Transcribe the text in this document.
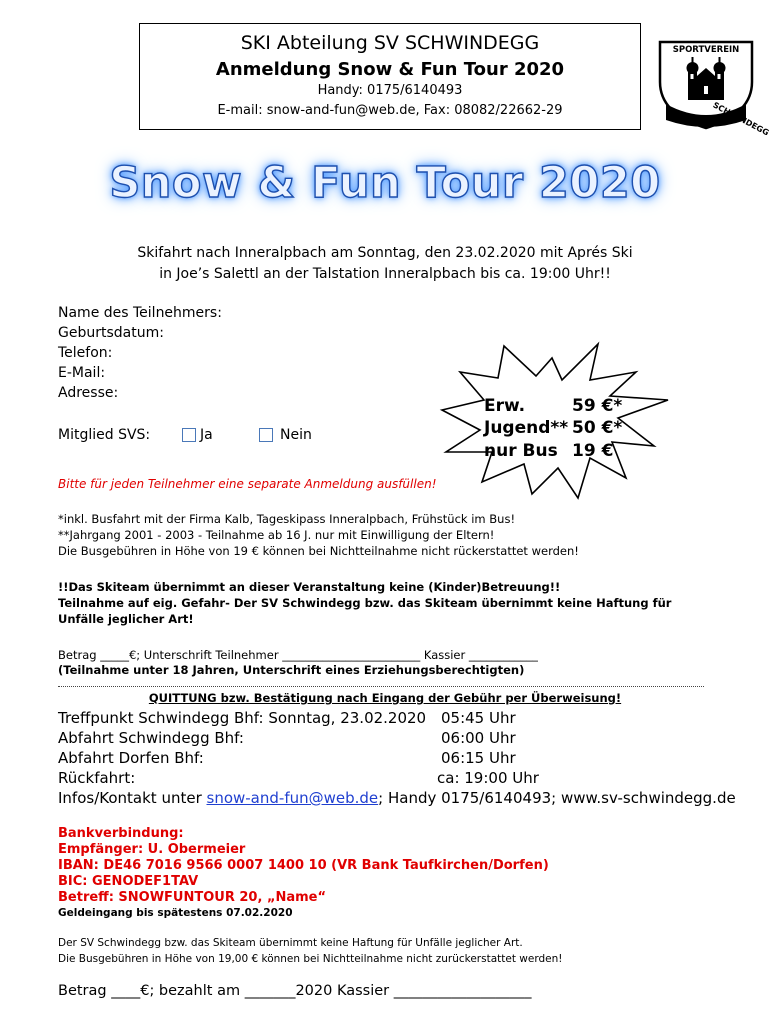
SKI Abteilung SV SCHWINDEGG
Anmeldung Snow & Fun Tour 2020
Handy: 0175/6140493
E-mail: snow-and-fun@web.de, Fax: 08082/22662-29
SPORTVEREIN
SCHWINDEGG
Snow & Fun Tour 2020
Skifahrt nach Inneralpbach am Sonntag, den 23.02.2020 mit Aprés Ski
in Joe’s Salettl an der Talstation Inneralpbach bis ca. 19:00 Uhr!!
Name des Teilnehmers:
Geburtsdatum:
Telefon:
E-Mail:
Adresse:
Mitglied SVS:	Ja	Nein
Erw.	59 €*
Jugend** 50 €*
nur Bus 19 €
Bitte für jeden Teilnehmer eine separate Anmeldung ausfüllen!
*inkl. Busfahrt mit der Firma Kalb, Tageskipass Inneralpbach, Frühstück im Bus!
**Jahrgang 2001 - 2003 - Teilnahme ab 16 J. nur mit Einwilligung der Eltern!
Die Busgebühren in Höhe von 19 € können bei Nichtteilnahme nicht rückerstattet werden!
!!Das Skiteam übernimmt an dieser Veranstaltung keine (Kinder)Betreuung!!
Teilnahme auf eig. Gefahr- Der SV Schwindegg bzw. das Skiteam übernimmt keine Haftung für
Unfälle jeglicher Art!
Betrag _____€; Unterschrift Teilnehmer ________________________ Kassier ____________
(Teilnahme unter 18 Jahren, Unterschrift eines Erziehungsberechtigten)
QUITTUNG bzw. Bestätigung nach Eingang der Gebühr per Überweisung!
Treffpunkt Schwindegg Bhf: Sonntag, 23.02.2020 05:45 Uhr
Abfahrt Schwindegg Bhf:	06:00 Uhr
Abfahrt Dorfen Bhf:	06:15 Uhr
Rückfahrt:	ca: 19:00 Uhr
Infos/Kontakt unter snow-and-fun@web.de; Handy 0175/6140493; www.sv-schwindegg.de
Bankverbindung:
Empfänger: U. Obermeier
IBAN: DE46 7016 9566 0007 1400 10 (VR Bank Taufkirchen/Dorfen)
BIC: GENODEF1TAV
Betreff: SNOWFUNTOUR 20, „Name“
Geldeingang bis spätestens 07.02.2020
Der SV Schwindegg bzw. das Skiteam übernimmt keine Haftung für Unfälle jeglicher Art.
Die Busgebühren in Höhe von 19,00 € können bei Nichtteilnahme nicht zurückerstattet werden!
Betrag ____€; bezahlt am _______2020 Kassier ___________________
